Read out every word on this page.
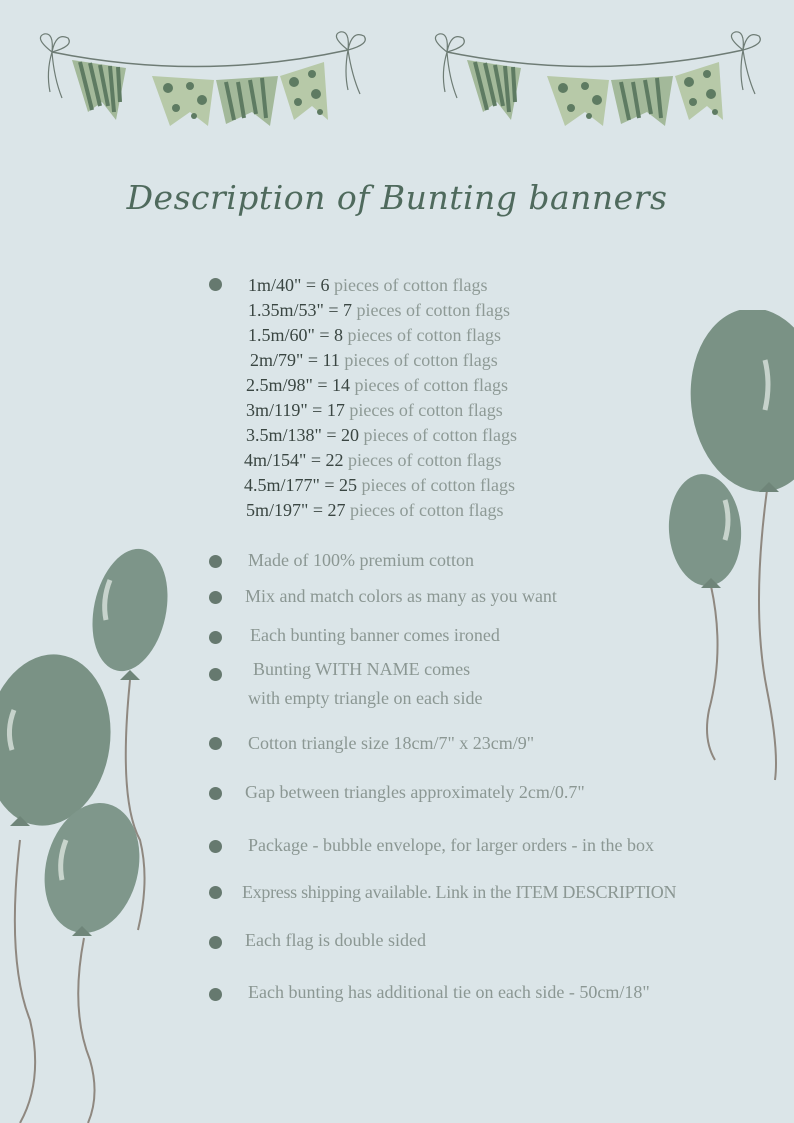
Description of Bunting banners
1m/40" = 6 pieces of cotton flags
1.35m/53" = 7 pieces of cotton flags
1.5m/60" = 8 pieces of cotton flags
2m/79" = 11 pieces of cotton flags
2.5m/98" = 14 pieces of cotton flags
3m/119" = 17 pieces of cotton flags
3.5m/138" = 20 pieces of cotton flags
4m/154" = 22 pieces of cotton flags
4.5m/177" = 25 pieces of cotton flags
5m/197" = 27 pieces of cotton flags
Made of 100% premium cotton
Mix and match colors as many as you want
Each bunting banner comes ironed
Bunting WITH NAME comes
with empty triangle on each side
Cotton triangle size 18cm/7" x 23cm/9"
Gap between triangles approximately 2cm/0.7"
Package - bubble envelope, for larger orders - in the box
Express shipping available. Link in the ITEM DESCRIPTION
Each flag is double sided
Each bunting has additional tie on each side - 50cm/18"
